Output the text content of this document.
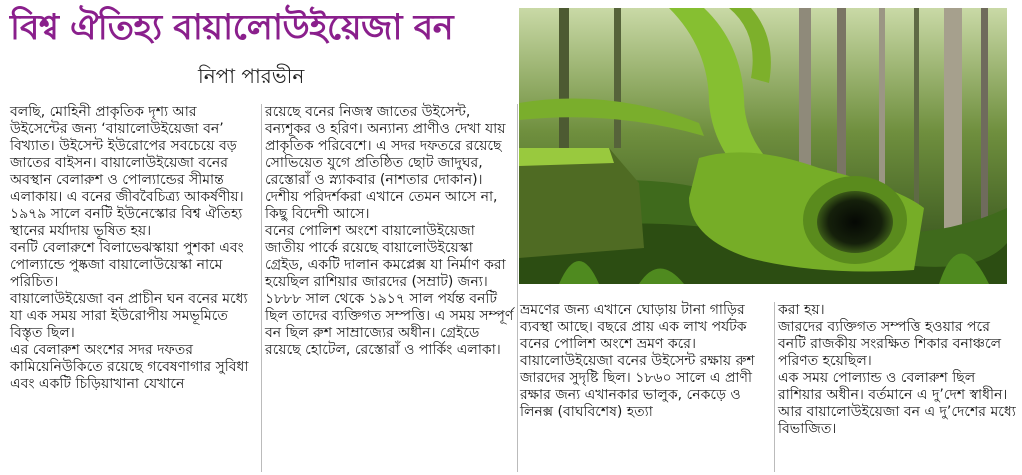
বিশ্ব ঐতিহ্য বায়ালোউইয়েজা বন
নিপা পারভীন

বলছি, মোহিনী প্রাকৃতিক দৃশ্য আর উইসেন্টের জন্য ‘বায়ালোউইয়েজা বন’ বিখ্যাত। উইসেন্ট ইউরোপের সবচেয়ে বড় জাতের বাইসন। বায়ালোউইয়েজা বনের অবস্থান বেলারুশ ও পোল্যান্ডের সীমান্ত এলাকায়। এ বনের জীববৈচিত্র্য আকর্ষণীয়। ১৯৭৯ সালে বনটি ইউনেস্কোর বিশ্ব ঐতিহ্য স্থানের মর্যাদায় ভূষিত হয়।

বনটি বেলারুশে বিলাভেঝস্কায়া পুশকা এবং পোল্যান্ডে পুষ্কজা বায়ালোউয়েস্কা নামে পরিচিত।

বায়ালোউইয়েজা বন প্রাচীন ঘন বনের মধ্যে যা এক সময় সারা ইউরোপীয় সমভূমিতে বিস্তৃত ছিল।

এর বেলারুশ অংশের সদর দফতর কামিয়েনিউকিতে রয়েছে গবেষণাগার সুবিধা এবং একটি চিড়িয়াখানা যেখানে

রয়েছে বনের নিজস্ব জাতের উইসেন্ট, বন্যশূকর ও হরিণ। অন্যান্য প্রাণীও দেখা যায় প্রাকৃতিক পরিবেশে। এ সদর দফতরে রয়েছে সোভিয়েত যুগে প্রতিষ্ঠিত ছোট জাদুঘর, রেস্তোরাঁ ও স্ন্যাকবার (নাশতার দোকান)। দেশীয় পরিদর্শকরা এখানে তেমন আসে না, কিছু বিদেশী আসে।

বনের পোলিশ অংশে বায়ালোউইয়েজা জাতীয় পার্কে রয়েছে বায়ালোউইয়েস্কা গ্রেইড, একটি দালান কমপ্লেক্স যা নির্মাণ করা হয়েছিল রাশিয়ার জারদের (সম্রাট) জন্য। ১৮৮৮ সাল থেকে ১৯১৭ সাল পর্যন্ত বনটি ছিল তাদের ব্যক্তিগত সম্পত্তি। এ সময় সম্পূর্ণ বন ছিল রুশ সাম্রাজ্যের অধীন। গ্রেইডে রয়েছে হোটেল, রেস্তোরাঁ ও পার্কিং এলাকা।

ভ্রমণের জন্য এখানে ঘোড়ায় টানা গাড়ির ব্যবস্থা আছে। বছরে প্রায় এক লাখ পর্যটক বনের পোলিশ অংশে ভ্রমণ করে।

বায়ালোউইয়েজা বনের উইসেন্ট রক্ষায় রুশ জারদের সুদৃষ্টি ছিল। ১৮৬০ সালে এ প্রাণী রক্ষার জন্য এখানকার ভালুক, নেকড়ে ও লিনক্স (বাঘবিশেষ) হত্যা

করা হয়।

জারদের ব্যক্তিগত সম্পত্তি হওয়ার পরে বনটি রাজকীয় সংরক্ষিত শিকার বনাঞ্চলে পরিণত হয়েছিল।

এক সময় পোল্যান্ড ও বেলারুশ ছিল রাশিয়ার অধীন। বর্তমানে এ দু’দেশ স্বাধীন। আর বায়ালোউইয়েজা বন এ দু’দেশের মধ্যে বিভাজিত।
